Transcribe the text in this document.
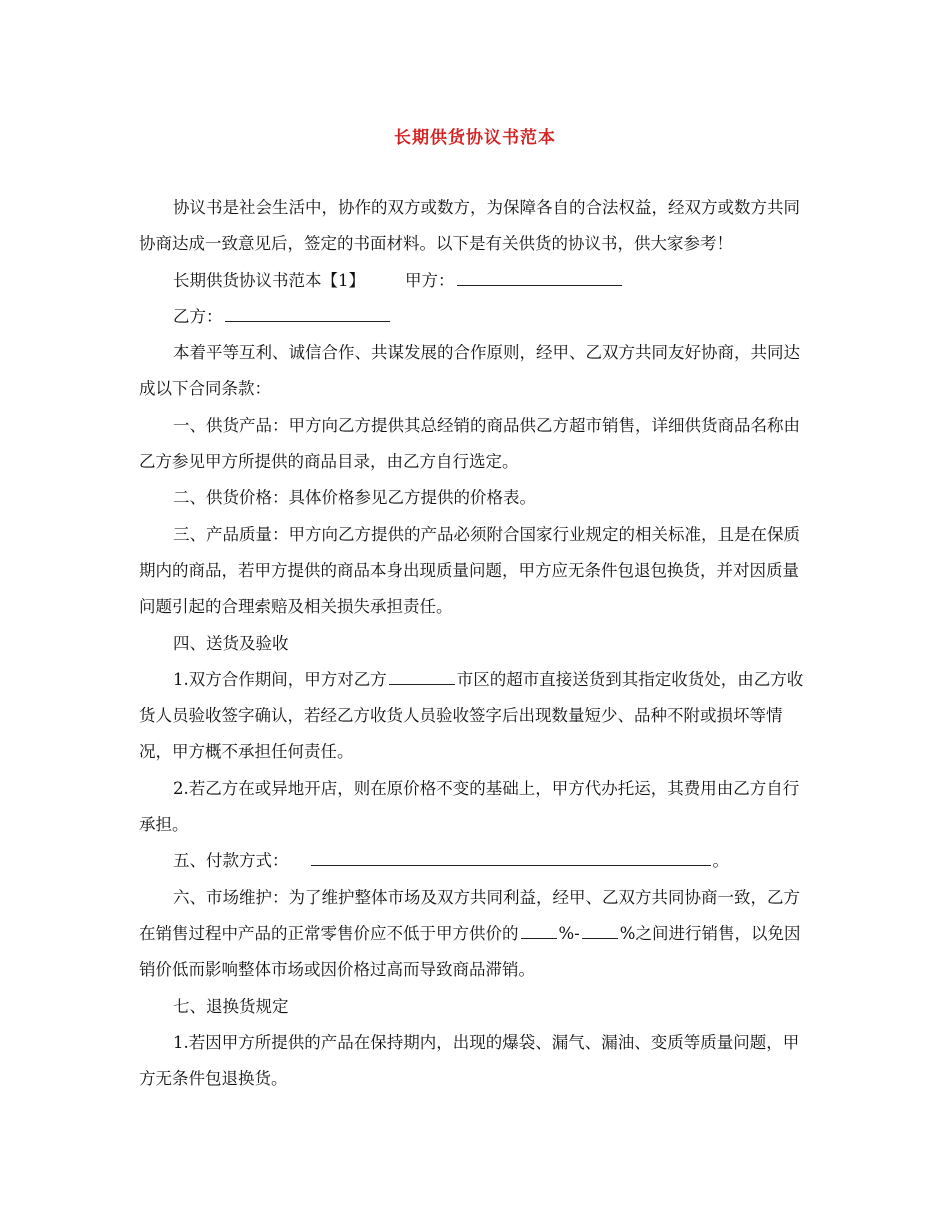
长期供货协议书范本

协议书是社会生活中，协作的双方或数方，为保障各自的合法权益，经双方或数方共同协商达成一致意见后，签定的书面材料。以下是有关供货的协议书，供大家参考！

长期供货协议书范本【1】 甲方：

乙方：

本着平等互利、诚信合作、共谋发展的合作原则，经甲、乙双方共同友好协商，共同达成以下合同条款：

一、供货产品：甲方向乙方提供其总经销的商品供乙方超市销售，详细供货商品名称由乙方参见甲方所提供的商品目录，由乙方自行选定。

二、供货价格：具体价格参见乙方提供的价格表。

三、产品质量：甲方向乙方提供的产品必须附合国家行业规定的相关标准，且是在保质期内的商品，若甲方提供的商品本身出现质量问题，甲方应无条件包退包换货，并对因质量问题引起的合理索赔及相关损失承担责任。

四、送货及验收

1.双方合作期间，甲方对乙方	市区的超市直接送货到其指定收货处，由乙方收货人员验收签字确认，若经乙方收货人员验收签字后出现数量短少、品种不附或损坏等情况，甲方概不承担任何责任。

2.若乙方在或异地开店，则在原价格不变的基础上，甲方代办托运，其费用由乙方自行承担。

五、付款方式：	。

六、市场维护：为了维护整体市场及双方共同利益，经甲、乙双方共同协商一致，乙方在销售过程中产品的正常零售价应不低于甲方供价的 %- %之间进行销售，以免因销价低而影响整体市场或因价格过高而导致商品滞销。

七、退换货规定

1.若因甲方所提供的产品在保持期内，出现的爆袋、漏气、漏油、变质等质量问题，甲方无条件包退换货。
